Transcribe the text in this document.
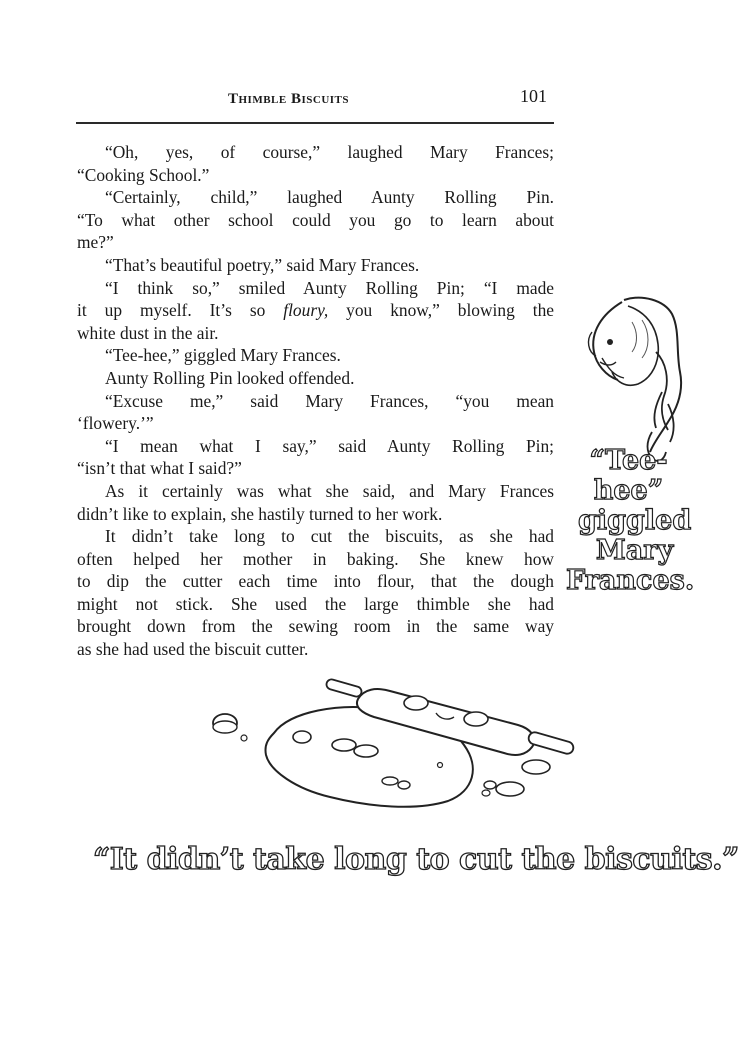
Thimble Biscuits	101
“Oh, yes, of course,” laughed Mary Frances;
“Cooking School.”
“Certainly, child,” laughed Aunty Rolling Pin.
“To what other school could you go to learn about
me?”
“That’s beautiful poetry,” said Mary Frances.
“I think so,” smiled Aunty Rolling Pin; “I made
it up myself. It’s so floury, you know,” blowing the
white dust in the air.
“Tee-hee,” giggled Mary Frances.
Aunty Rolling Pin looked offended.
“Excuse me,” said Mary Frances, “you mean
‘flowery.’”
“I mean what I say,” said Aunty Rolling Pin;
“isn’t that what I said?”
As it certainly was what she said, and Mary Frances
didn’t like to explain, she hastily turned to her work.
It didn’t take long to cut the biscuits, as she had
often helped her mother in baking. She knew how
to dip the cutter each time into flour, that the dough
might not stick. She used the large thimble she had
brought down from the sewing room in the same way
as she had used the biscuit cutter.
“Tee-hee”
giggled
Mary
Frances.
“It didn’t take long to cut the biscuits.”
